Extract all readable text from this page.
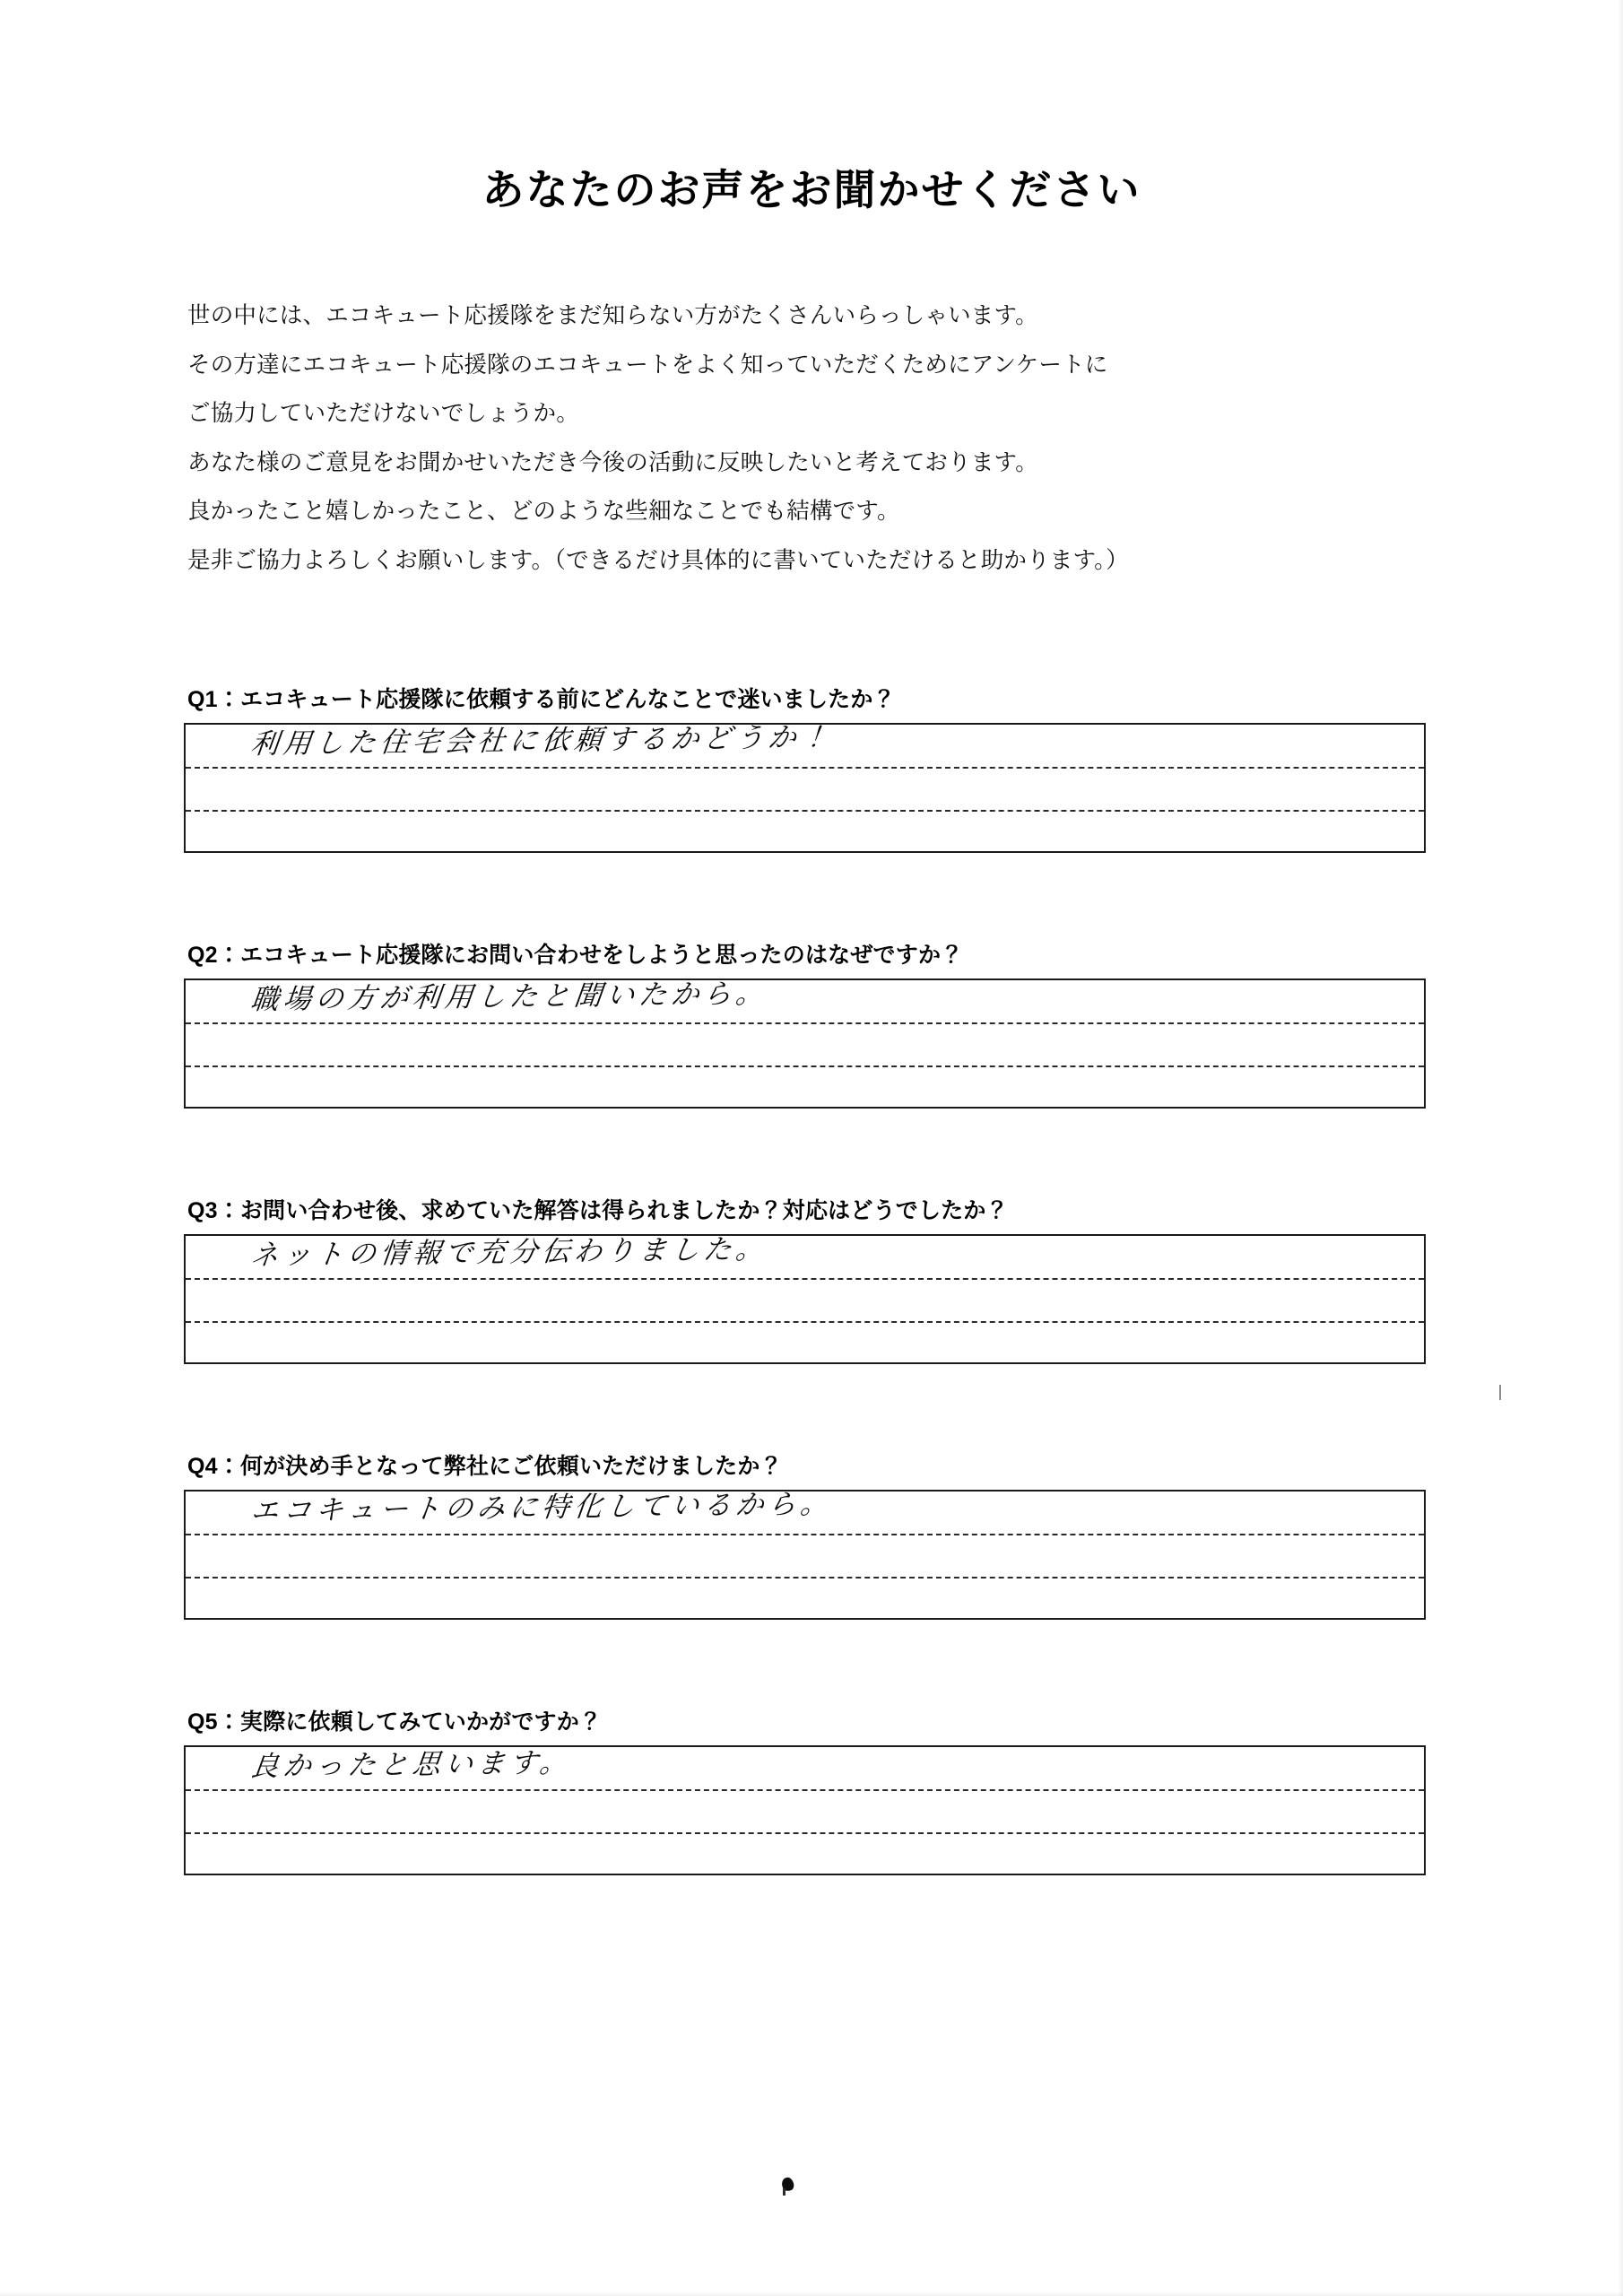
あなたのお声をお聞かせください
世の中には、エコキュート応援隊をまだ知らない方がたくさんいらっしゃいます。
その方達にエコキュート応援隊のエコキュートをよく知っていただくためにアンケートに
ご協力していただけないでしょうか。
あなた様のご意見をお聞かせいただき今後の活動に反映したいと考えております。
良かったこと嬉しかったこと、どのような些細なことでも結構です。
是非ご協力よろしくお願いします。（できるだけ具体的に書いていただけると助かります。）
Q1：エコキュート応援隊に依頼する前にどんなことで迷いましたか？
利用した住宅会社に依頼するかどうか！
Q2：エコキュート応援隊にお問い合わせをしようと思ったのはなぜですか？
職場の方が利用したと聞いたから。
Q3：お問い合わせ後、求めていた解答は得られましたか？対応はどうでしたか？
ネットの情報で充分伝わりました。
Q4：何が決め手となって弊社にご依頼いただけましたか？
エコキュートのみに特化しているから。
Q5：実際に依頼してみていかがですか？
良かったと思います。
